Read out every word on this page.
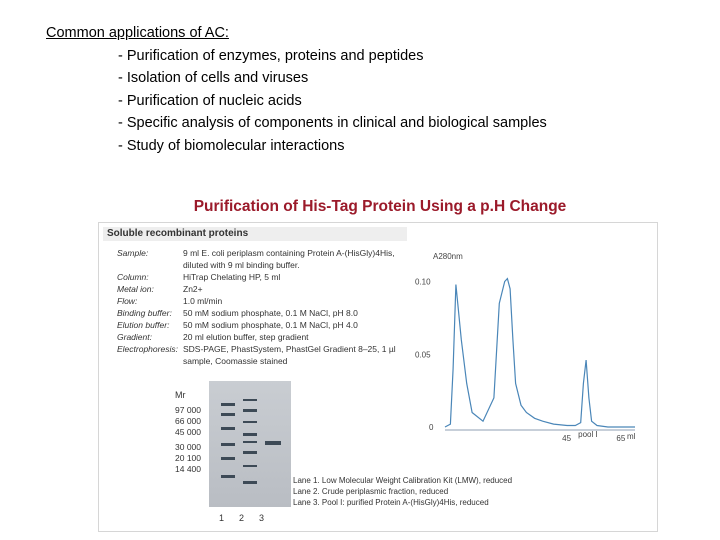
Common applications of AC:
- Purification of enzymes, proteins and peptides
- Isolation of cells and viruses
- Purification of nucleic acids
- Specific analysis of components in clinical and biological samples
- Study of biomolecular interactions
Purification of His-Tag Protein Using a p.H Change
Soluble recombinant proteins
Sample:	9 ml E. coli periplasm containing Protein A-(HisGly)4His, diluted with 9 ml binding buffer.
Column:	HiTrap Chelating HP, 5 ml
Metal ion:	Zn2+
Flow:	1.0 ml/min
Binding buffer:	50 mM sodium phosphate, 0.1 M NaCl, pH 8.0
Elution buffer:	50 mM sodium phosphate, 0.1 M NaCl, pH 4.0
Gradient:	20 ml elution buffer, step gradient
Electrophoresis: SDS-PAGE, PhastSystem, PhastGel Gradient 8–25, 1 µl sample, Coomassie stained
Mr
97 000
66 000
45 000
30 000
20 100
14 400
1 2 3
Lane 1. Low Molecular Weight Calibration Kit (LMW), reduced
Lane 2. Crude periplasmic fraction, reduced
Lane 3. Pool I: purified Protein A-(HisGly)4His, reduced
A280nm
0.10
0.05
0
45	65 ml
pool I
